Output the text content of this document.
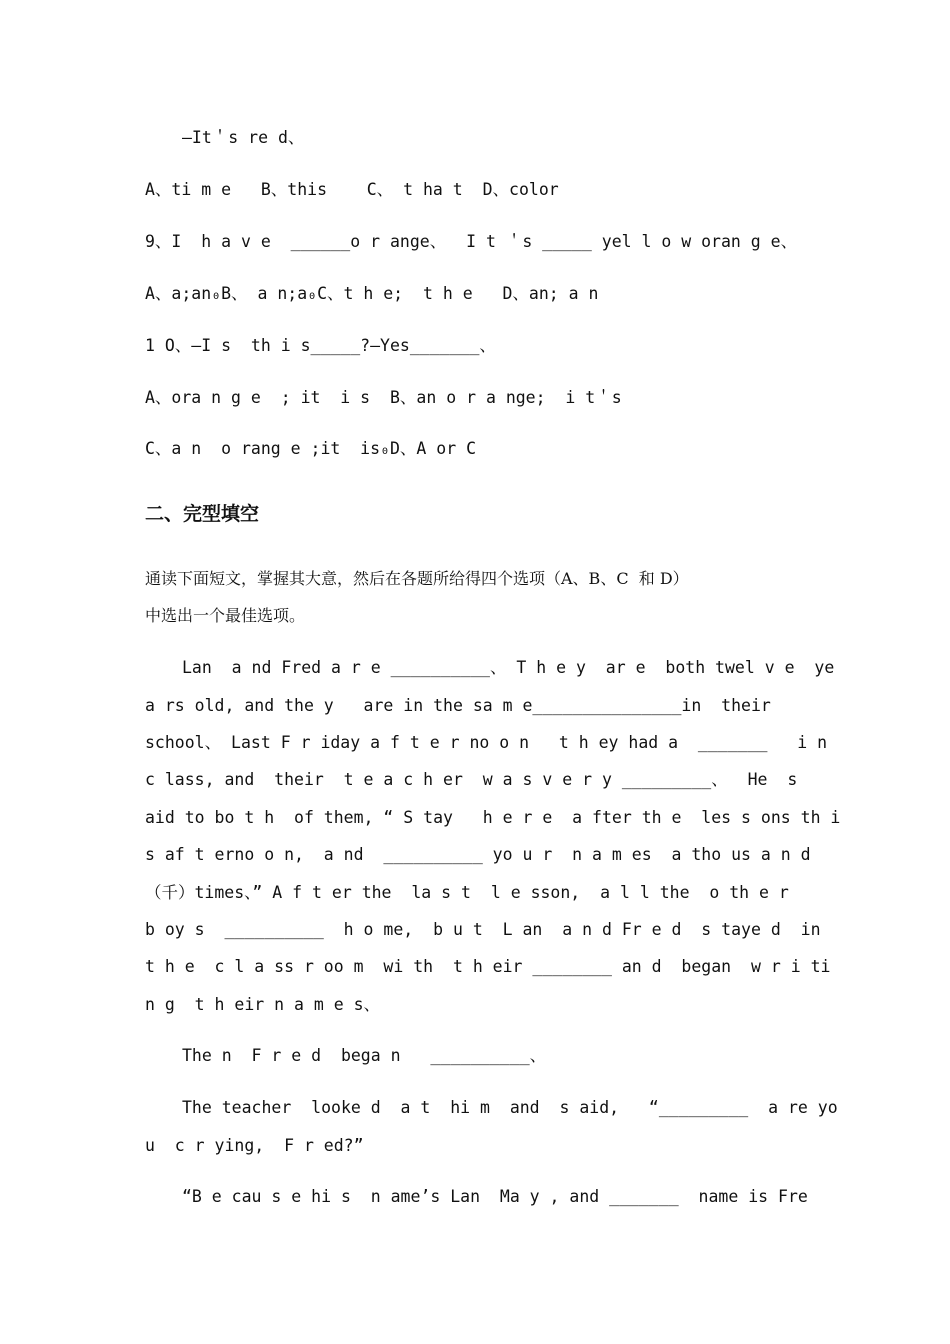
—It＇s re d、
A、ti m e   B、this    C、 t ha t  D、color
9、I  h a v e  ______o r ange、  I t ＇s _____ yel l o w oran g e、
A、a;an₀B、 a n;a₀C、t h e;  t h e   D、an; a n
1 O、—I s  th i s_____?—Yes_______、
A、ora n g e  ; it  i s  B、an o r a nge;  i t＇s
C、a n  o rang e ;it  is₀D、A or C
二、完型填空
通读下面短文，掌握其大意，然后在各题所给得四个选项（A、B、C  和 D）
中选出一个最佳选项。
Lan  a nd Fred a r e __________、 T h e y  ar e  both twel v e  ye
a rs old, and the y   are in the sa m e_______________in  their
school、 Last F r iday a f t e r no o n   t h ey had a  _______   i n
c lass, and  their  t e a c h er  w a s v e r y _________、  He  s
aid to bo t h  of them, “ S tay   h e r e  a fter th e  les s ons th i
s af t erno o n,  a nd  __________ yo u r  n a m es  a tho us a n d
（千）times、” A f t er the  la s t  l e sson,  a l l the  o th e r
b oy s  __________  h o me,  b u t  L an  a n d Fr e d  s taye d  in
t h e  c l a ss r oo m  wi th  t h eir ________ an d  began  w r i ti
n g  t h eir n a m e s、
The n  F r e d  bega n   __________、
The teacher  looke d  a t  hi m  and  s aid,   “_________  a re yo
u  c r ying,  F r ed?”
“B e cau s e hi s  n ame’s Lan  Ma y , and _______  name is Fre
